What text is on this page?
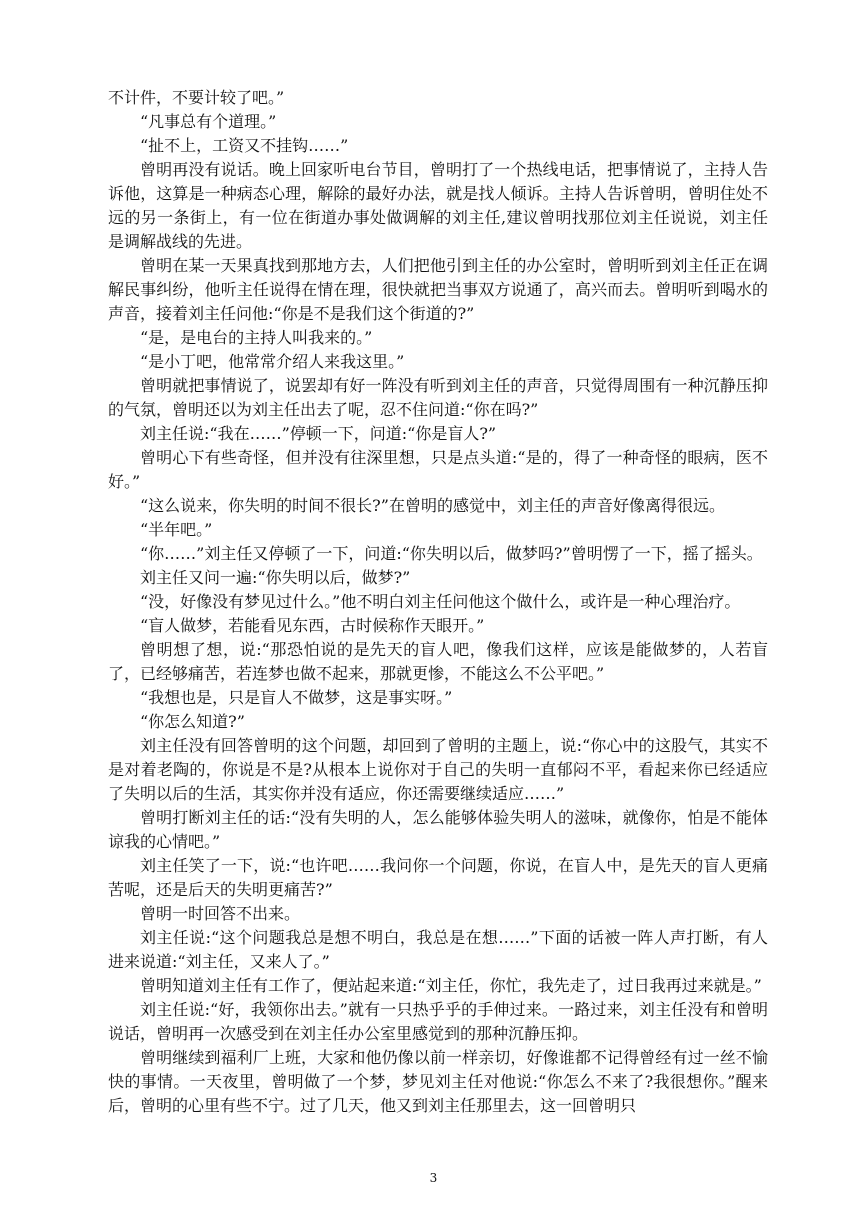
不计件，不要计较了吧。”

“凡事总有个道理。”

“扯不上，工资又不挂钩……”

曾明再没有说话。晚上回家听电台节目，曾明打了一个热线电话，把事情说了，主持人告诉他，这算是一种病态心理，解除的最好办法，就是找人倾诉。主持人告诉曾明，曾明住处不远的另一条街上，有一位在街道办事处做调解的刘主任,建议曾明找那位刘主任说说，刘主任是调解战线的先进。

曾明在某一天果真找到那地方去，人们把他引到主任的办公室时，曾明听到刘主任正在调解民事纠纷，他听主任说得在情在理，很快就把当事双方说通了，高兴而去。曾明听到喝水的声音，接着刘主任问他:“你是不是我们这个街道的?”

“是，是电台的主持人叫我来的。”

“是小丁吧，他常常介绍人来我这里。”

曾明就把事情说了，说罢却有好一阵没有听到刘主任的声音，只觉得周围有一种沉静压抑的气氛，曾明还以为刘主任出去了呢，忍不住问道:“你在吗?”

刘主任说:“我在……”停顿一下，问道:“你是盲人?”

曾明心下有些奇怪，但并没有往深里想，只是点头道:“是的，得了一种奇怪的眼病，医不好。”

“这么说来，你失明的时间不很长?”在曾明的感觉中，刘主任的声音好像离得很远。

“半年吧。”

“你……”刘主任又停顿了一下，问道:“你失明以后，做梦吗?”曾明愣了一下，摇了摇头。

刘主任又问一遍:“你失明以后，做梦?”

“没，好像没有梦见过什么。”他不明白刘主任问他这个做什么，或许是一种心理治疗。

“盲人做梦，若能看见东西，古时候称作天眼开。”

曾明想了想，说:“那恐怕说的是先天的盲人吧，像我们这样，应该是能做梦的，人若盲了，已经够痛苦，若连梦也做不起来，那就更惨，不能这么不公平吧。”

“我想也是，只是盲人不做梦，这是事实呀。”

“你怎么知道?”

刘主任没有回答曾明的这个问题，却回到了曾明的主题上，说:“你心中的这股气，其实不是对着老陶的，你说是不是?从根本上说你对于自己的失明一直郁闷不平，看起来你已经适应了失明以后的生活，其实你并没有适应，你还需要继续适应……”

曾明打断刘主任的话:“没有失明的人，怎么能够体验失明人的滋味，就像你，怕是不能体谅我的心情吧。”

刘主任笑了一下，说:“也许吧……我问你一个问题，你说，在盲人中，是先天的盲人更痛苦呢，还是后天的失明更痛苦?”

曾明一时回答不出来。

刘主任说:“这个问题我总是想不明白，我总是在想……”下面的话被一阵人声打断，有人进来说道:“刘主任，又来人了。”

曾明知道刘主任有工作了，便站起来道:“刘主任，你忙，我先走了，过日我再过来就是。”

刘主任说:“好，我领你出去。”就有一只热乎乎的手伸过来。一路过来，刘主任没有和曾明说话，曾明再一次感受到在刘主任办公室里感觉到的那种沉静压抑。

曾明继续到福利厂上班，大家和他仍像以前一样亲切，好像谁都不记得曾经有过一丝不愉快的事情。一天夜里，曾明做了一个梦，梦见刘主任对他说:“你怎么不来了?我很想你。”醒来后，曾明的心里有些不宁。过了几天，他又到刘主任那里去，这一回曾明只

3
